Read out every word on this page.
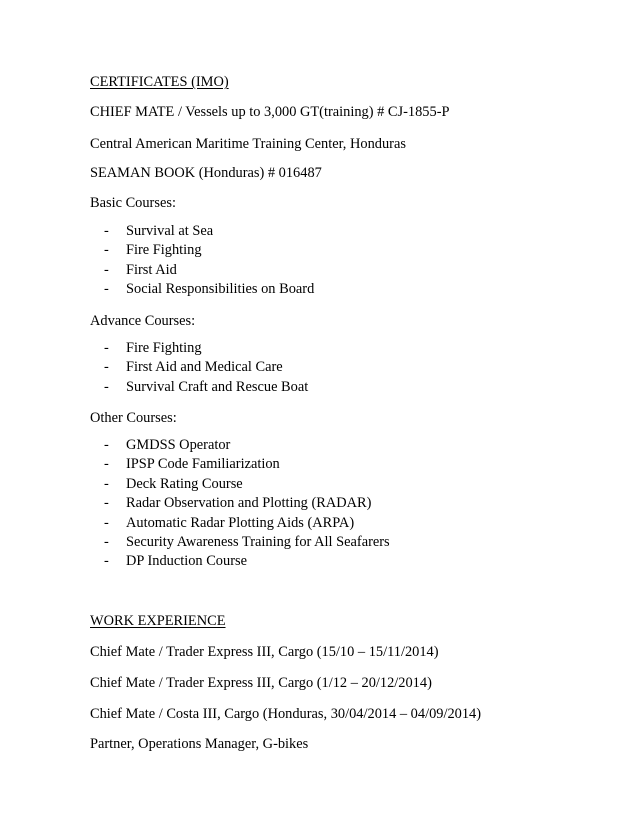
CERTIFICATES (IMO)
CHIEF MATE / Vessels up to 3,000 GT(training) # CJ-1855-P
Central American Maritime Training Center, Honduras
SEAMAN BOOK (Honduras) # 016487
Basic Courses:
- Survival at Sea
- Fire Fighting
- First Aid
- Social Responsibilities on Board
Advance Courses:
- Fire Fighting
- First Aid and Medical Care
- Survival Craft and Rescue Boat
Other Courses:
- GMDSS Operator
- IPSP Code Familiarization
- Deck Rating Course
- Radar Observation and Plotting (RADAR)
- Automatic Radar Plotting Aids (ARPA)
- Security Awareness Training for All Seafarers
- DP Induction Course
WORK EXPERIENCE
Chief Mate / Trader Express III, Cargo (15/10 – 15/11/2014)
Chief Mate / Trader Express III, Cargo (1/12 – 20/12/2014)
Chief Mate / Costa III, Cargo (Honduras, 30/04/2014 – 04/09/2014)
Partner, Operations Manager, G-bikes
